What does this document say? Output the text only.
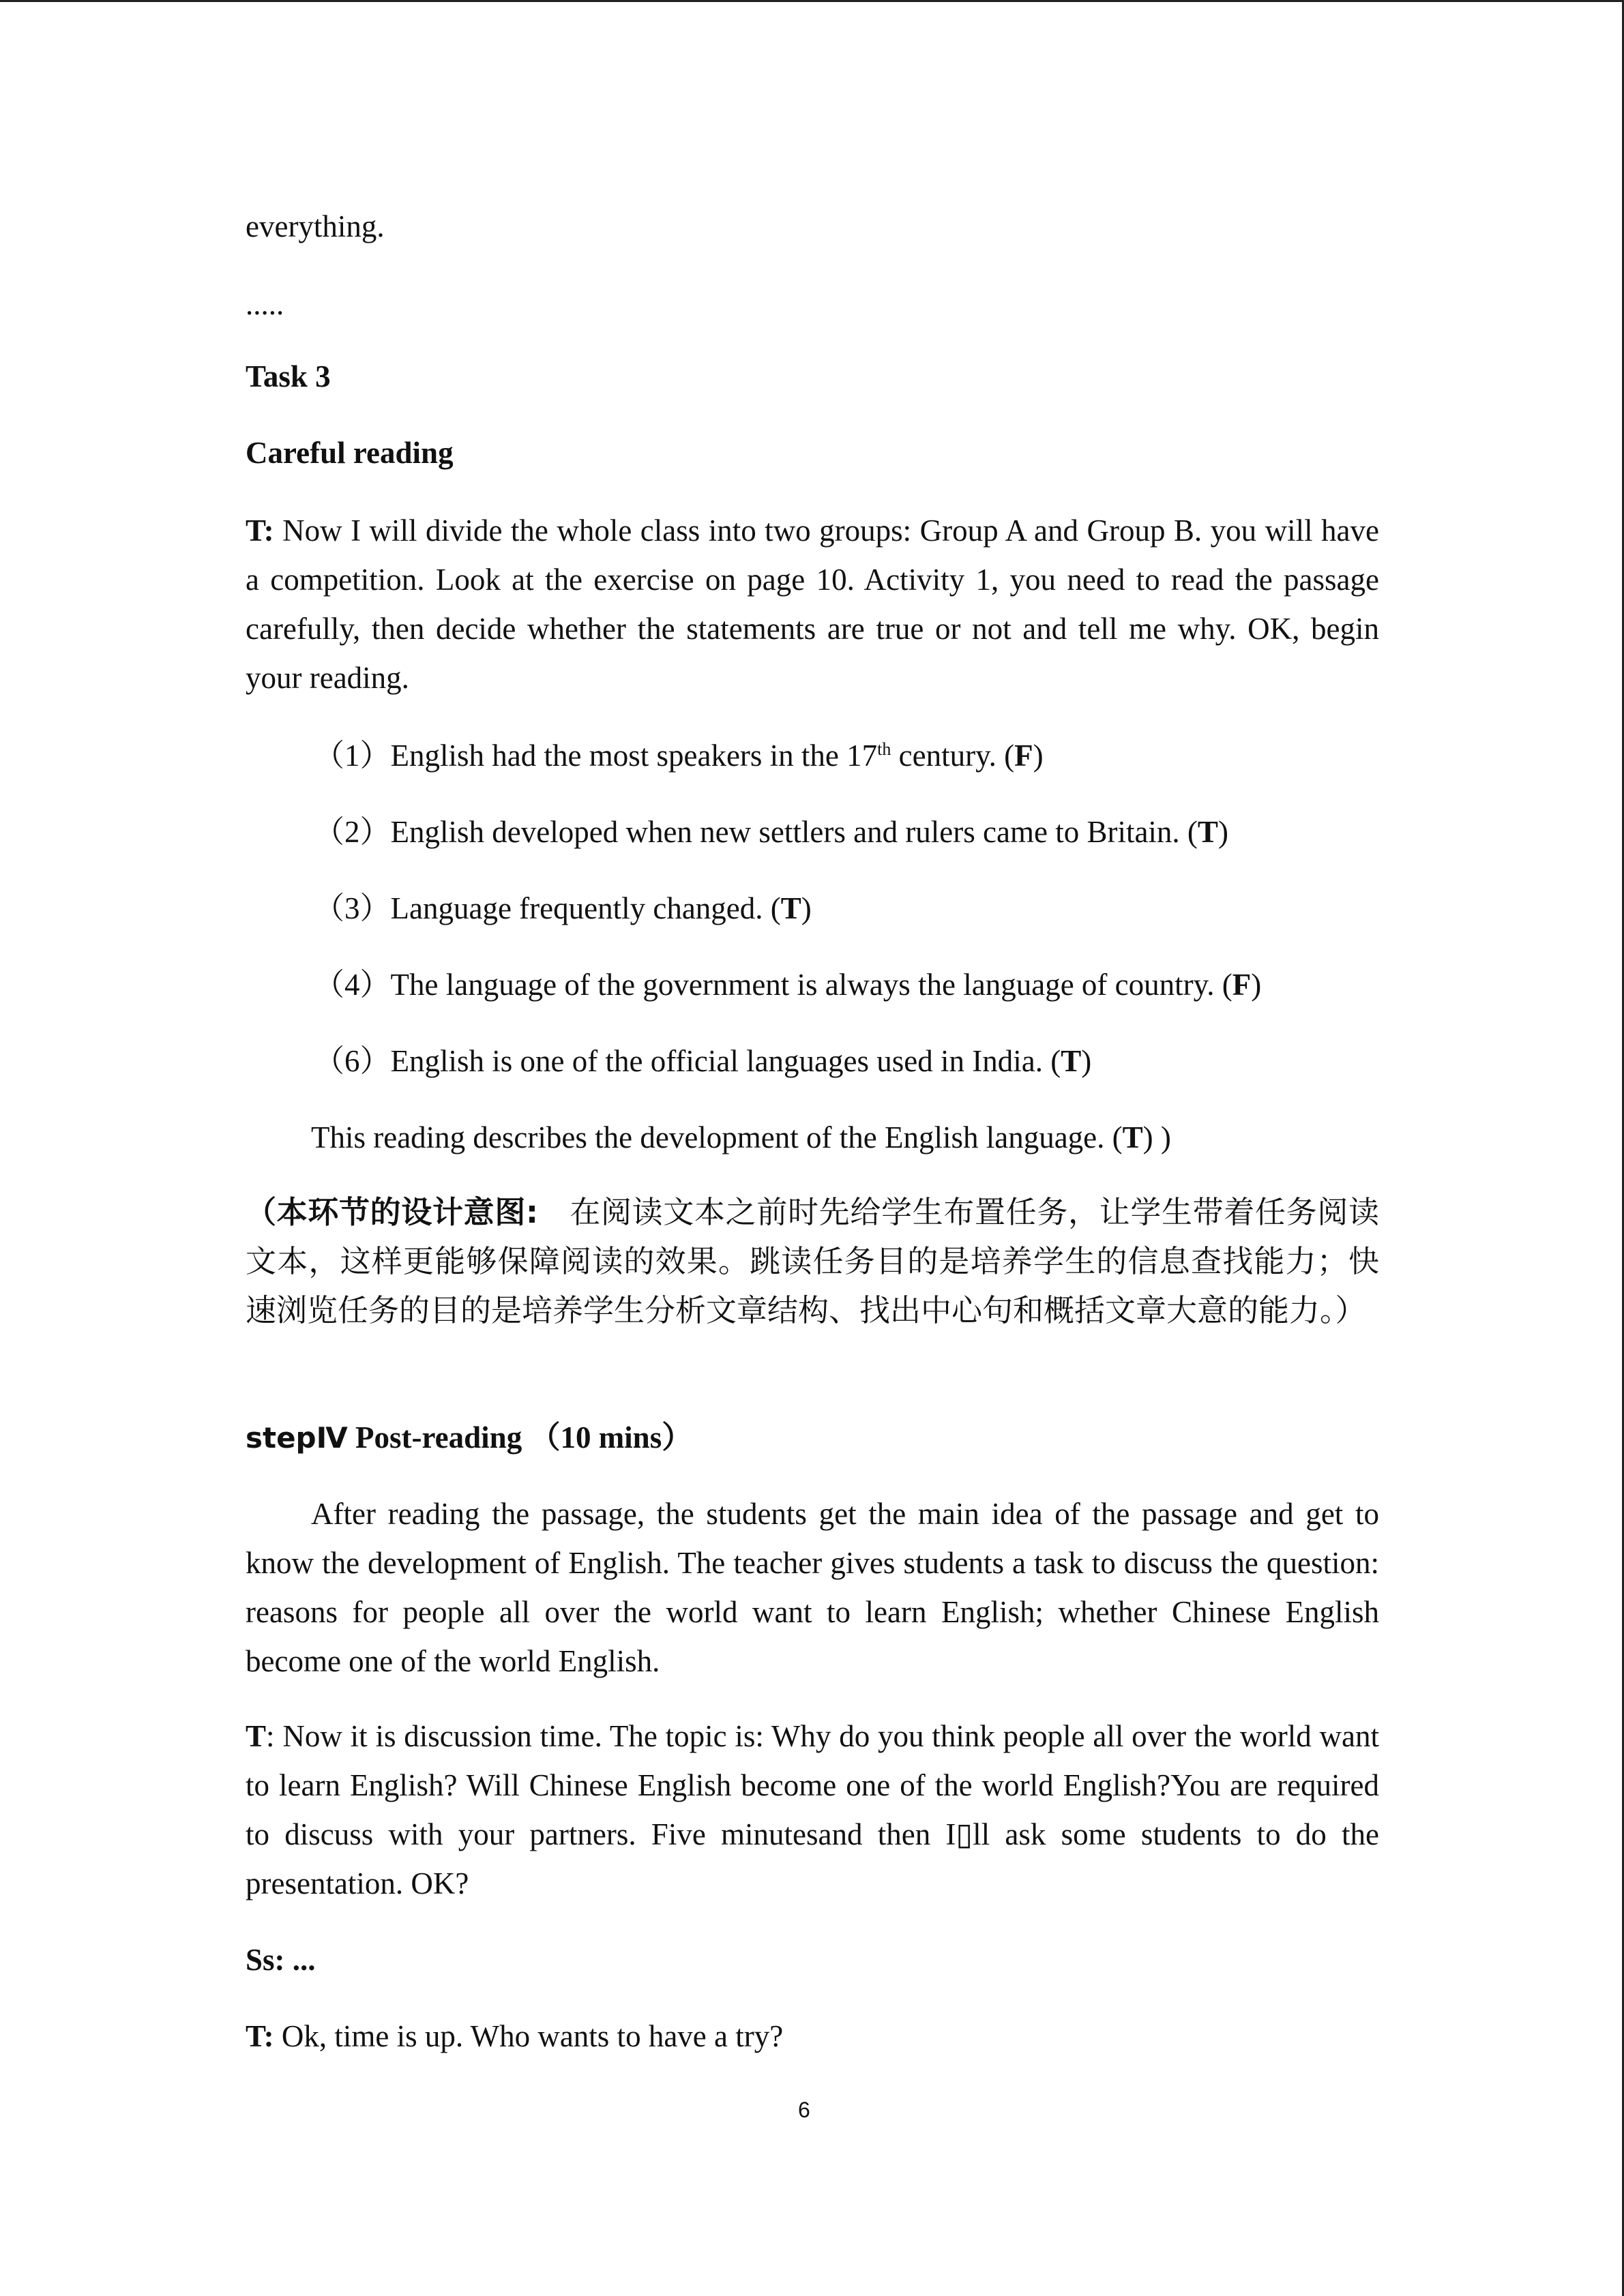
everything.
.....
Task 3
Careful reading
T: Now I will divide the whole class into two groups: Group A and Group B. you will have a competition. Look at the exercise on page 10. Activity 1, you need to read the passage carefully, then decide whether the statements are true or not and tell me why. OK, begin your reading.
（1）English had the most speakers in the 17th century. (F)
（2）English developed when new settlers and rulers came to Britain. (T)
（3）Language frequently changed. (T)
（4）The language of the government is always the language of country. (F)
（6）English is one of the official languages used in India. (T)
This reading describes the development of the English language. (T) )
（本环节的设计意图:　在阅读文本之前时先给学生布置任务，让学生带着任务阅读文本，这样更能够保障阅读的效果。跳读任务目的是培养学生的信息查找能力；快速浏览任务的目的是培养学生分析文章结构、找出中心句和概括文章大意的能力。）
stepⅣ Post-reading （10 mins）
After reading the passage, the students get the main idea of the passage and get to know the development of English. The teacher gives students a task to discuss the question: reasons for people all over the world want to learn English; whether Chinese English become one of the world English.
T: Now it is discussion time. The topic is: Why do you think people all over the world want to learn English? Will Chinese English become one of the world English?You are required to discuss with your partners. Five minutesand then I▯ll ask some students to do the presentation. OK?
Ss: ...
T: Ok, time is up. Who wants to have a try?
6
